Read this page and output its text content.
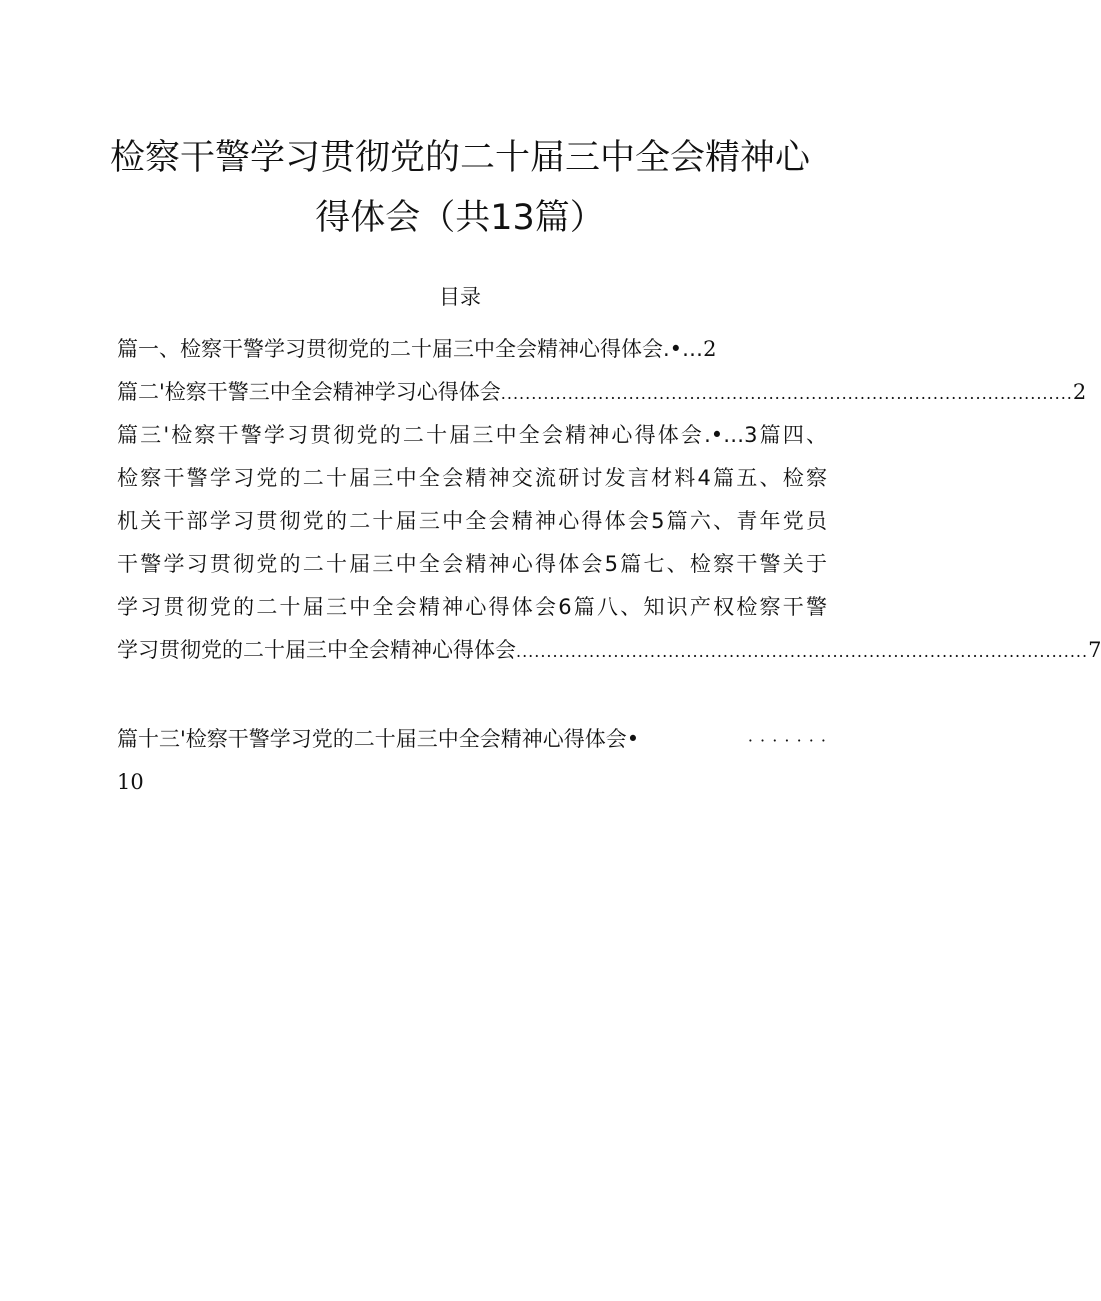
检察干警学习贯彻党的二十届三中全会精神心
得体会（共13篇）
目录
篇一、检察干警学习贯彻党的二十届三中全会精神心得体会.•…2
篇二'检察干警三中全会精神学习心得体会 .............................................................................................. 2
篇三'检察干警学习贯彻党的二十届三中全会精神心得体会.•…3篇四、
检察干警学习党的二十届三中全会精神交流研讨发言材料4篇五、检察
机关干部学习贯彻党的二十届三中全会精神心得体会5篇六、青年党员
干警学习贯彻党的二十届三中全会精神心得体会5篇七、检察干警关于
学习贯彻党的二十届三中全会精神心得体会6篇八、知识产权检察干警
学习贯彻党的二十届三中全会精神心得体会 .............................................................................................. 7
篇十三'检察干警学习党的二十届三中全会精神心得体会•	· · · · · · ·
10
